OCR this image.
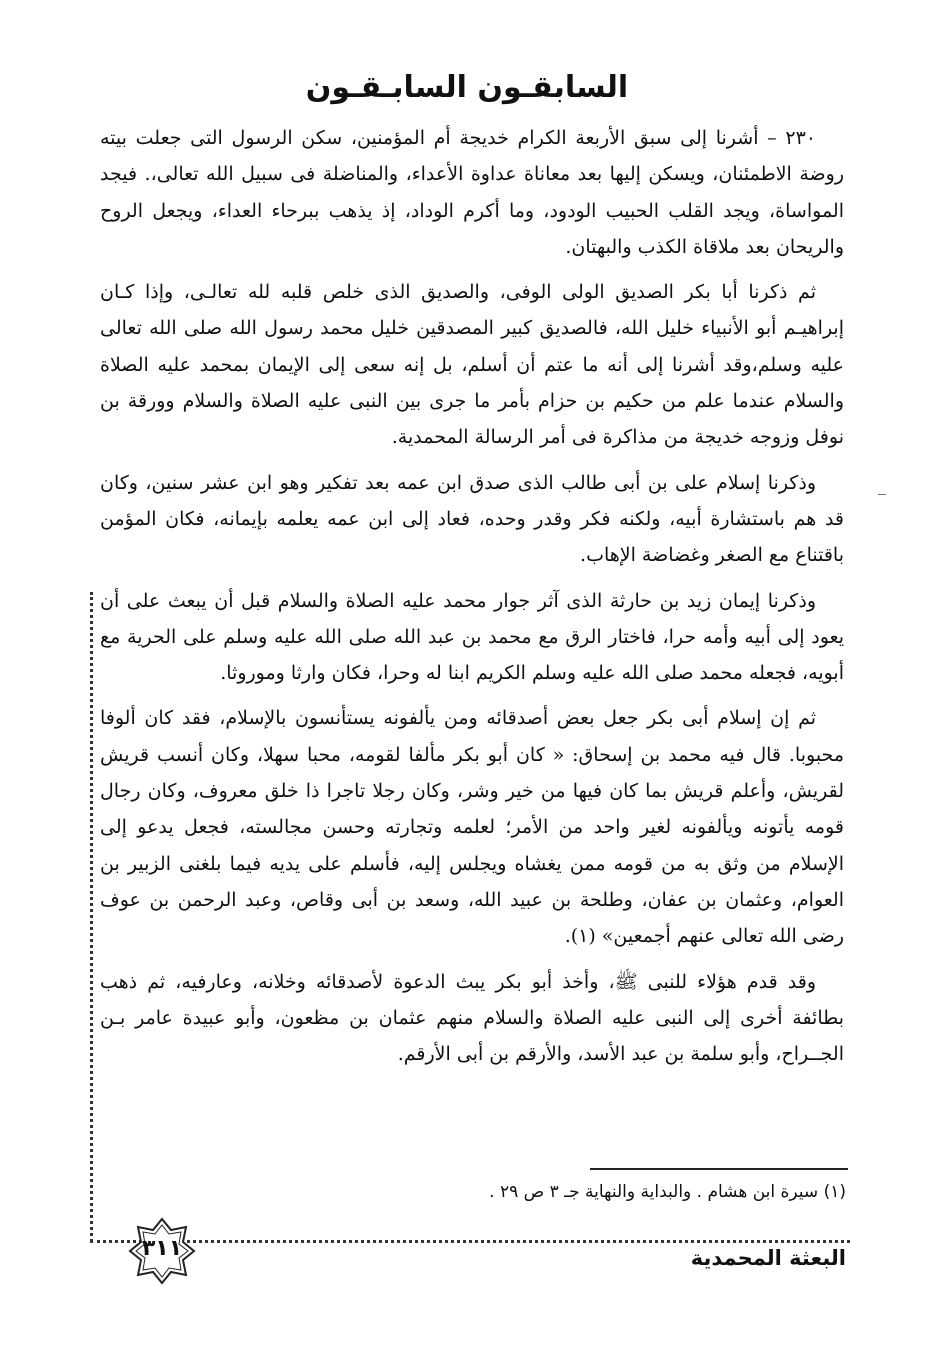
السابقـون السابـقـون

٢٣٠ – أشرنا إلى سبق الأربعة الكرام خديجة أم المؤمنين، سكن الرسول التى جعلت بيته روضة الاطمئنان، ويسكن إليها بعد معاناة عداوة الأعداء، والمناضلة فى سبيل الله تعالى،. فيجد المواساة، ويجد القلب الحبيب الودود، وما أكرم الوداد، إذ يذهب ببرحاء العداء، ويجعل الروح والريحان بعد ملاقاة الكذب والبهتان.

ثم ذكرنا أبا بكر الصديق الولى الوفى، والصديق الذى خلص قلبه لله تعالـى، وإذا كـان إبراهيـم أبو الأنبياء خليل الله، فالصديق كبير المصدقين خليل محمد رسول الله صلى الله تعالى عليه وسلم،وقد أشرنا إلى أنه ما عتم أن أسلم، بل إنه سعى إلى الإيمان بمحمد عليه الصلاة والسلام عندما علم من حكيم بن حزام بأمر ما جرى بين النبى عليه الصلاة والسلام وورقة بن نوفل وزوجه خديجة من مذاكرة فى أمر الرسالة المحمدية.

وذكرنا إسلام على بن أبى طالب الذى صدق ابن عمه بعد تفكير وهو ابن عشر سنين، وكان قد هم باستشارة أبيه، ولكنه فكر وقدر وحده، فعاد إلى ابن عمه يعلمه بإيمانه، فكان المؤمن باقتناع مع الصغر وغضاضة الإهاب.

وذكرنا إيمان زيد بن حارثة الذى آثر جوار محمد عليه الصلاة والسلام قبل أن يبعث على أن يعود إلى أبيه وأمه حرا، فاختار الرق مع محمد بن عبد الله صلى الله عليه وسلم على الحرية مع أبويه، فجعله محمد صلى الله عليه وسلم الكريم ابنا له وحرا، فكان وارثا وموروثا.

ثم إن إسلام أبى بكر جعل بعض أصدقائه ومن يألفونه يستأنسون بالإسلام، فقد كان ألوفا محبوبا. قال فيه محمد بن إسحاق: « كان أبو بكر مألفا لقومه، محبا سهلا، وكان أنسب قريش لقريش، وأعلم قريش بما كان فيها من خير وشر، وكان رجلا تاجرا ذا خلق معروف، وكان رجال قومه يأتونه ويألفونه لغير واحد من الأمر؛ لعلمه وتجارته وحسن مجالسته، فجعل يدعو إلى الإسلام من وثق به من قومه ممن يغشاه ويجلس إليه، فأسلم على يديه فيما بلغنى الزبير بن العوام، وعثمان بن عفان، وطلحة بن عبيد الله، وسعد بن أبى وقاص، وعبد الرحمن بن عوف رضى الله تعالى عنهم أجمعين» (١).

وقد قدم هؤلاء للنبى ﷺ، وأخذ أبو بكر يبث الدعوة لأصدقائه وخلانه، وعارفيه، ثم ذهب بطائفة أخرى إلى النبى عليه الصلاة والسلام منهم عثمان بن مظعون، وأبو عبيدة عامر بـن الجــراح، وأبو سلمة بن عبد الأسد، والأرقم بن أبى الأرقم.

(١) سيرة ابن هشام . والبداية والنهاية جـ ٣ ص ٢٩ .
٣١١	البعثة المحمدية
